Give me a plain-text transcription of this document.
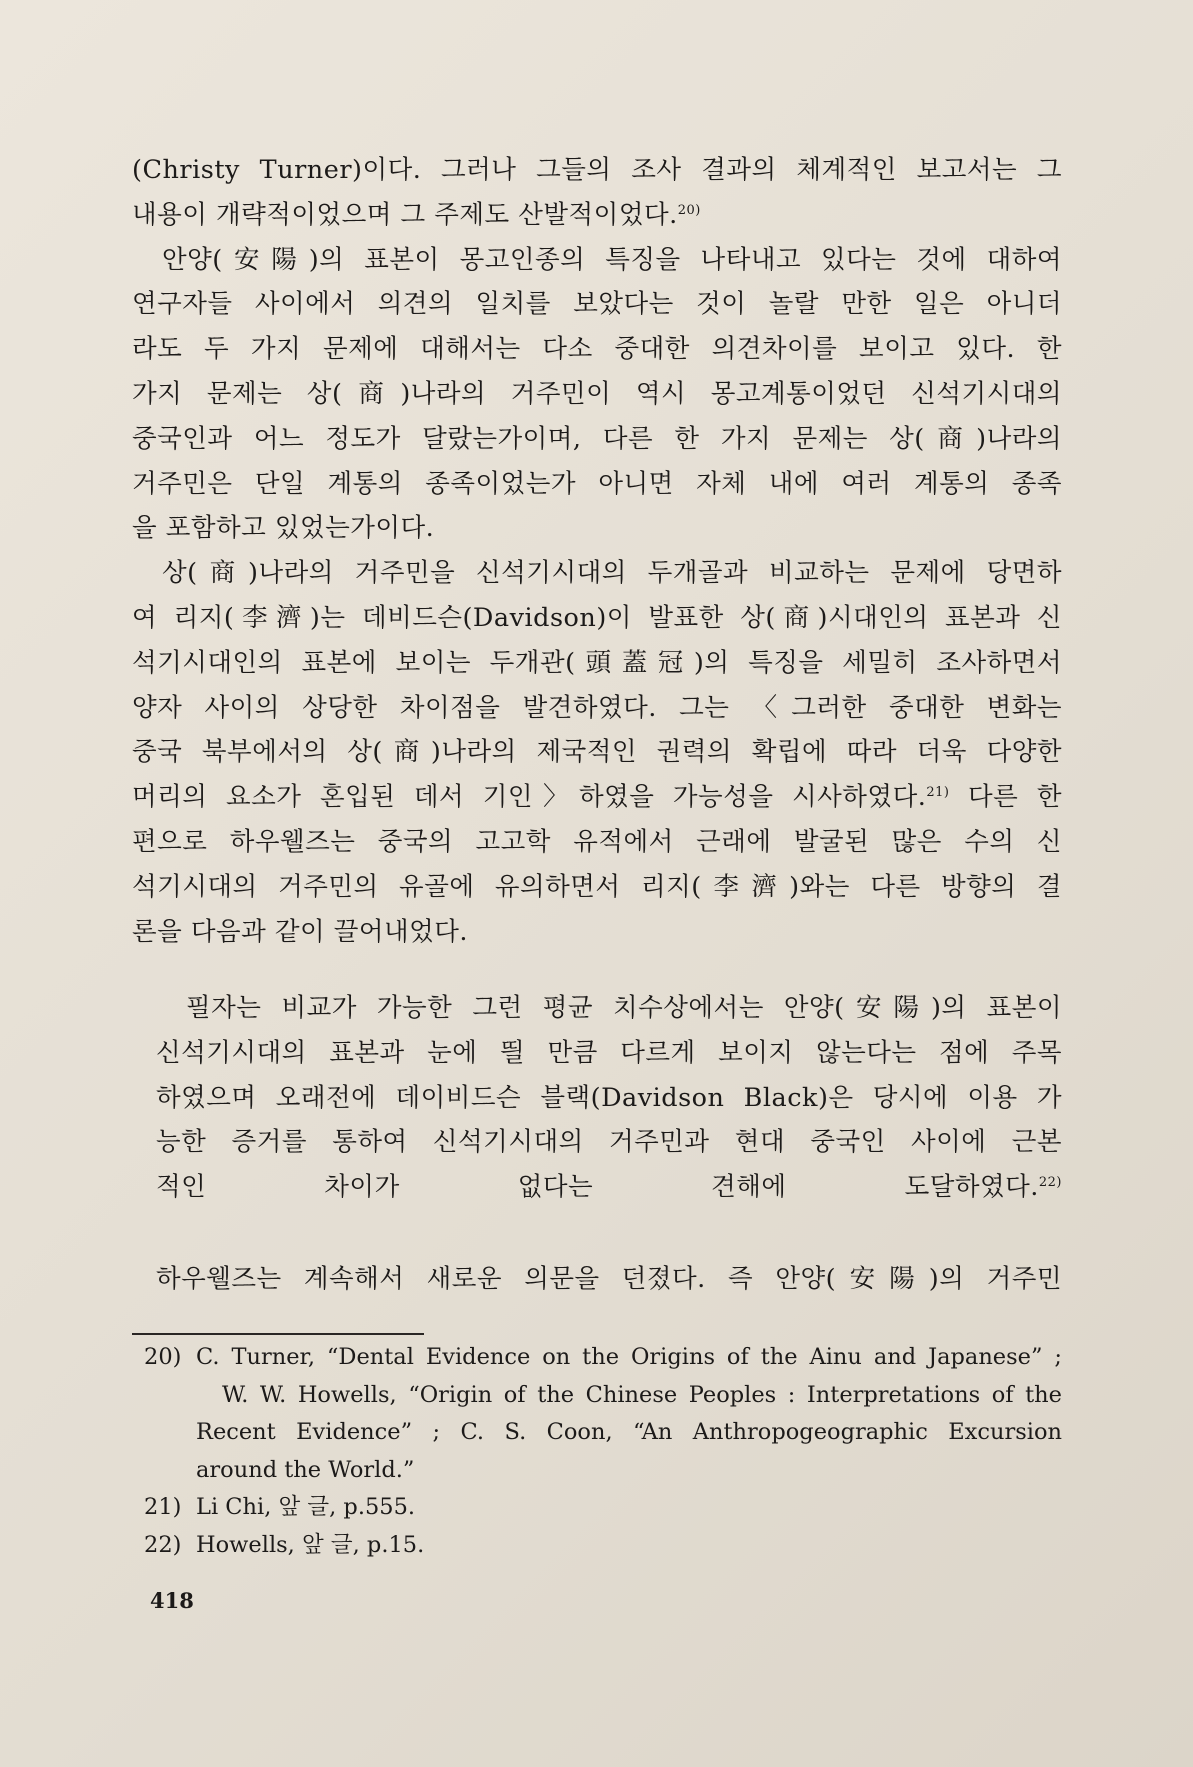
(Christy Turner)이다. 그러나 그들의 조사 결과의 체계적인 보고서는 그
내용이 개략적이었으며 그 주제도 산발적이었다.$^{20)}$
안양(安陽)의 표본이 몽고인종의 특징을 나타내고 있다는 것에 대하여
연구자들 사이에서 의견의 일치를 보았다는 것이 놀랄 만한 일은 아니더
라도 두 가지 문제에 대해서는 다소 중대한 의견차이를 보이고 있다. 한
가지 문제는 상(商)나라의 거주민이 역시 몽고계통이었던 신석기시대의
중국인과 어느 정도가 달랐는가이며, 다른 한 가지 문제는 상(商)나라의
거주민은 단일 계통의 종족이었는가 아니면 자체 내에 여러 계통의 종족
을 포함하고 있었는가이다.
상(商)나라의 거주민을 신석기시대의 두개골과 비교하는 문제에 당면하
여 리지(李濟)는 데비드슨(Davidson)이 발표한 상(商)시대인의 표본과 신
석기시대인의 표본에 보이는 두개관(頭蓋冠)의 특징을 세밀히 조사하면서
양자 사이의 상당한 차이점을 발견하였다. 그는 〈그러한 중대한 변화는
중국 북부에서의 상(商)나라의 제국적인 권력의 확립에 따라 더욱 다양한
머리의 요소가 혼입된 데서 기인〉하였을 가능성을 시사하였다.$^{21)}$ 다른 한
편으로 하우웰즈는 중국의 고고학 유적에서 근래에 발굴된 많은 수의 신
석기시대의 거주민의 유골에 유의하면서 리지(李濟)와는 다른 방향의 결
론을 다음과 같이 끌어내었다.
필자는 비교가 가능한 그런 평균 치수상에서는 안양(安陽)의 표본이
신석기시대의 표본과 눈에 띌 만큼 다르게 보이지 않는다는 점에 주목
하였으며 오래전에 데이비드슨 블랙(Davidson Black)은 당시에 이용 가
능한 증거를 통하여 신석기시대의 거주민과 현대 중국인 사이에 근본
적인 차이가 없다는 견해에 도달하였다.$^{22)}$
하우웰즈는 계속해서 새로운 의문을 던졌다. 즉 안양(安陽)의 거주민
20) C. Turner, “Dental Evidence on the Origins of the Ainu and Japanese” ;
W. W. Howells, “Origin of the Chinese Peoples : Interpretations of the
Recent Evidence” ; C. S. Coon, “An Anthropogeographic Excursion
around the World.”
21) Li Chi, 앞 글, p.555.
22) Howells, 앞 글, p.15.
418
